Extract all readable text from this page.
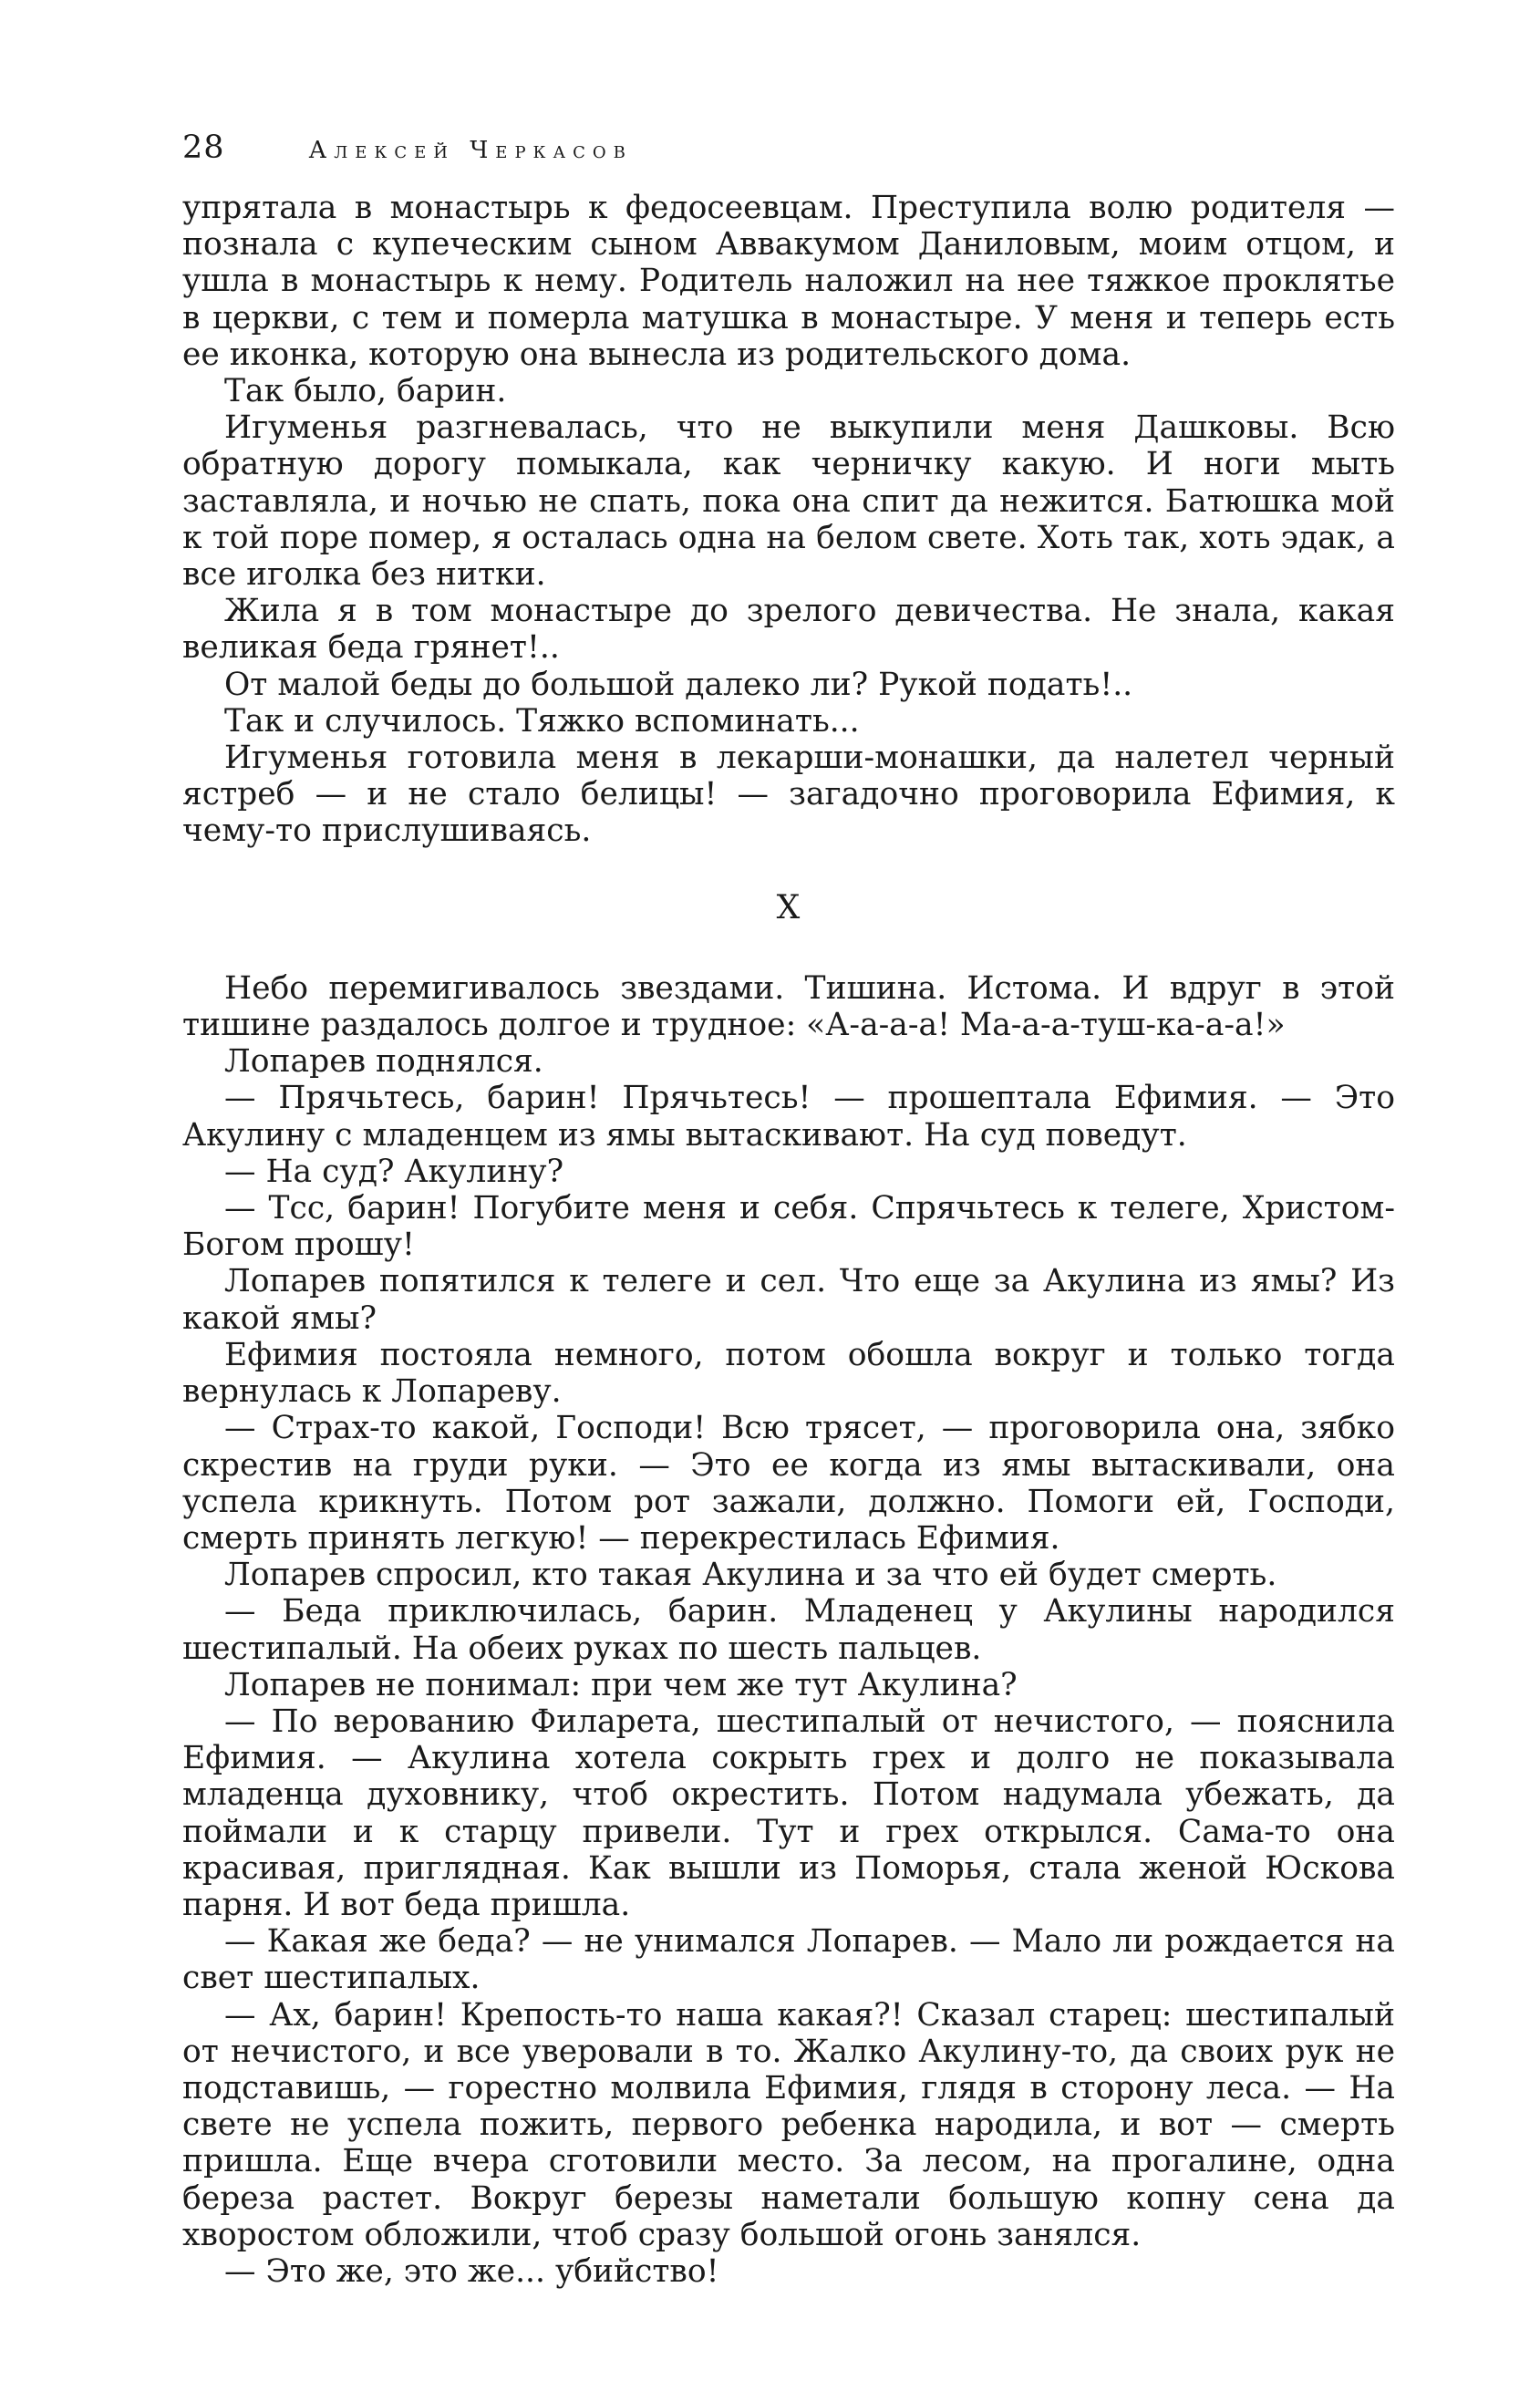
28	Алексей Черкасов

упрятала в монастырь к федосеевцам. Преступила волю родителя — познала с купеческим сыном Аввакумом Даниловым, моим отцом, и ушла в монастырь к нему. Родитель наложил на нее тяжкое проклятье в церкви, с тем и померла матушка в монастыре. У меня и теперь есть ее иконка, которую она вынесла из родительского дома.

Так было, барин.

Игуменья разгневалась, что не выкупили меня Дашковы. Всю обратную дорогу помыкала, как черничку какую. И ноги мыть заставляла, и ночью не спать, пока она спит да нежится. Батюшка мой к той поре помер, я осталась одна на белом свете. Хоть так, хоть эдак, а все иголка без нитки.

Жила я в том монастыре до зрелого девичества. Не знала, какая великая беда грянет!..

От малой беды до большой далеко ли? Рукой подать!..

Так и случилось. Тяжко вспоминать...

Игуменья готовила меня в лекарши-монашки, да налетел черный ястреб — и не стало белицы! — загадочно проговорила Ефимия, к чему-то прислушиваясь.

X

Небо перемигивалось звездами. Тишина. Истома. И вдруг в этой тишине раздалось долгое и трудное: «А-а-а-а! Ма-а-а-туш-ка-а-а!»

Лопарев поднялся.

— Прячьтесь, барин! Прячьтесь! — прошептала Ефимия. — Это Акулину с младенцем из ямы вытаскивают. На суд поведут.

— На суд? Акулину?

— Тсс, барин! Погубите меня и себя. Спрячьтесь к телеге, Христом-Богом прошу!

Лопарев попятился к телеге и сел. Что еще за Акулина из ямы? Из какой ямы?

Ефимия постояла немного, потом обошла вокруг и только тогда вернулась к Лопареву.

— Страх-то какой, Господи! Всю трясет, — проговорила она, зябко скрестив на груди руки. — Это ее когда из ямы вытаскивали, она успела крикнуть. Потом рот зажали, должно. Помоги ей, Господи, смерть принять легкую! — перекрестилась Ефимия.

Лопарев спросил, кто такая Акулина и за что ей будет смерть.

— Беда приключилась, барин. Младенец у Акулины народился шестипалый. На обеих руках по шесть пальцев.

Лопарев не понимал: при чем же тут Акулина?

— По верованию Филарета, шестипалый от нечистого, — пояснила Ефимия. — Акулина хотела сокрыть грех и долго не показывала младенца духовнику, чтоб окрестить. Потом надумала убежать, да поймали и к старцу привели. Тут и грех открылся. Сама-то она красивая, приглядная. Как вышли из Поморья, стала женой Юскова парня. И вот беда пришла.

— Какая же беда? — не унимался Лопарев. — Мало ли рождается на свет шестипалых.

— Ах, барин! Крепость-то наша какая?! Сказал старец: шестипалый от нечистого, и все уверовали в то. Жалко Акулину-то, да своих рук не подставишь, — горестно молвила Ефимия, глядя в сторону леса. — На свете не успела пожить, первого ребенка народила, и вот — смерть пришла. Еще вчера сготовили место. За лесом, на прогалине, одна береза растет. Вокруг березы наметали большую копну сена да хворостом обложили, чтоб сразу большой огонь занялся.

— Это же, это же... убийство!
